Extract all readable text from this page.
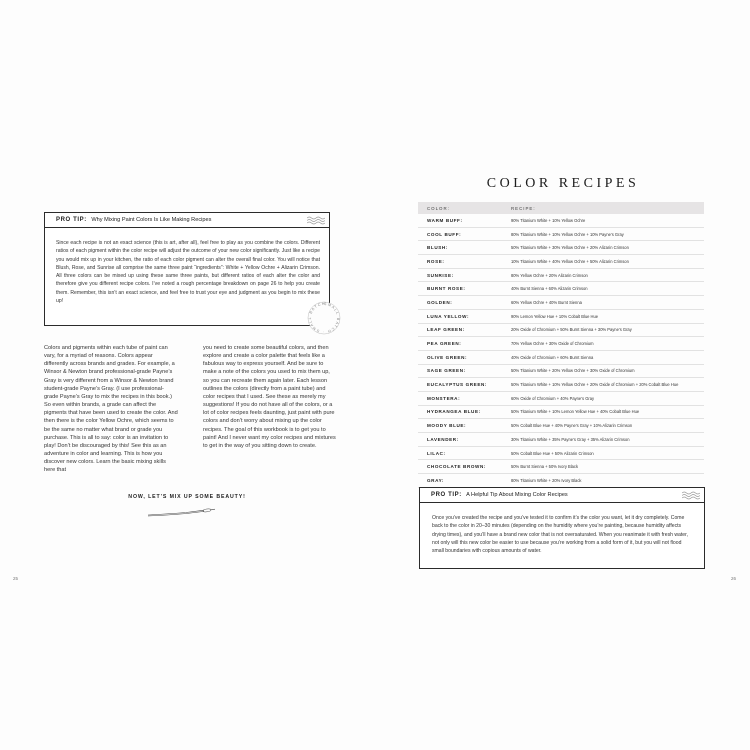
PRO TIP: Why Mixing Paint Colors Is Like Making Recipes
Since each recipe is not an exact science (this is art, after all), feel free to play as you combine the colors. Different ratios of each pigment within the color recipe will adjust the outcome of your new color significantly. Just like a recipe you would mix up in your kitchen, the ratio of each color pigment can alter the overall final color. You will notice that Blush, Rose, and Sunrise all comprise the same three paint “ingredients”: White + Yellow Ochre + Alizarin Crimson. All three colors can be mixed up using these same three paints, but different ratios of each alter the color and therefore give you different recipe colors. I’ve noted a rough percentage breakdown on page 26 to help you create them. Remember, this isn’t an exact science, and feel free to trust your eye and judgment as you begin to mix these up!
SMALL BATCH · SMALL BATCH
Colors and pigments within each tube of paint can vary, for a myriad of reasons. Colors appear differently across brands and grades. For example, a Winsor & Newton brand professional-grade Payne’s Gray is very different from a Winsor & Newton brand student-grade Payne’s Gray. (I use professional-grade Payne’s Gray to mix the recipes in this book.) So even within brands, a grade can affect the pigments that have been used to create the color. And then there is the color Yellow Ochre, which seems to be the same no matter what brand or grade you purchase. This is all to say: color is an invitation to play! Don’t be discouraged by this! See this as an adventure in color and learning. This is how you discover new colors. Learn the basic mixing skills here that
you need to create some beautiful colors, and then explore and create a color palette that feels like a fabulous way to express yourself. And be sure to make a note of the colors you used to mix them up, so you can recreate them again later. Each lesson outlines the colors (directly from a paint tube) and color recipes that I used. See these as merely my suggestions! If you do not have all of the colors, or a lot of color recipes feels daunting, just paint with pure colors and don’t worry about mixing up the color recipes. The goal of this workbook is to get you to paint! And I never want my color recipes and mixtures to get in the way of you sitting down to create.
NOW, LET’S MIX UP SOME BEAUTY!
25
COLOR RECIPES
COLOR:	RECIPE:
WARM BUFF:	90% Titanium White + 10% Yellow Ochre
COOL BUFF:	80% Titanium White + 10% Yellow Ochre + 10% Payne’s Gray
BLUSH:	50% Titanium White + 30% Yellow Ochre + 20% Alizarin Crimson
ROSE:	10% Titanium White + 40% Yellow Ochre + 50% Alizarin Crimson
SUNRISE:	80% Yellow Ochre + 20% Alizarin Crimson
BURNT ROSE:	40% Burnt Sienna + 60% Alizarin Crimson
GOLDEN:	60% Yellow Ochre + 40% Burnt Sienna
LUNA YELLOW:	90% Lemon Yellow Hue + 10% Cobalt Blue Hue
LEAF GREEN:	20% Oxide of Chromium + 50% Burnt Sienna + 30% Payne’s Gray
PEA GREEN:	70% Yellow Ochre + 30% Oxide of Chromium
OLIVE GREEN:	40% Oxide of Chromium + 60% Burnt Sienna
SAGE GREEN:	50% Titanium White + 20% Yellow Ochre + 30% Oxide of Chromium
EUCALYPTUS GREEN:	50% Titanium White + 10% Yellow Ochre + 20% Oxide of Chromium + 20% Cobalt Blue Hue
MONSTERA:	60% Oxide of Chromium + 40% Payne’s Gray
HYDRANGEA BLUE:	50% Titanium White + 10% Lemon Yellow Hue + 40% Cobalt Blue Hue
MOODY BLUE:	50% Cobalt Blue Hue + 40% Payne’s Gray + 10% Alizarin Crimson
LAVENDER:	30% Titanium White + 35% Payne’s Gray + 35% Alizarin Crimson
LILAC:	50% Cobalt Blue Hue + 50% Alizarin Crimson
CHOCOLATE BROWN:	50% Burnt Sienna + 50% Ivory Black
GRAY:	80% Titanium White + 20% Ivory Black
PRO TIP: A Helpful Tip About Mixing Color Recipes
Once you’ve created the recipe and you’ve tested it to confirm it’s the color you want, let it dry completely. Come back to the color in 20–30 minutes (depending on the humidity where you’re painting, because humidity affects drying times), and you’ll have a brand new color that is not oversaturated. When you reanimate it with fresh water, not only will this new color be easier to use because you’re working from a solid form of it, but you will not flood small boundaries with copious amounts of water.
26
